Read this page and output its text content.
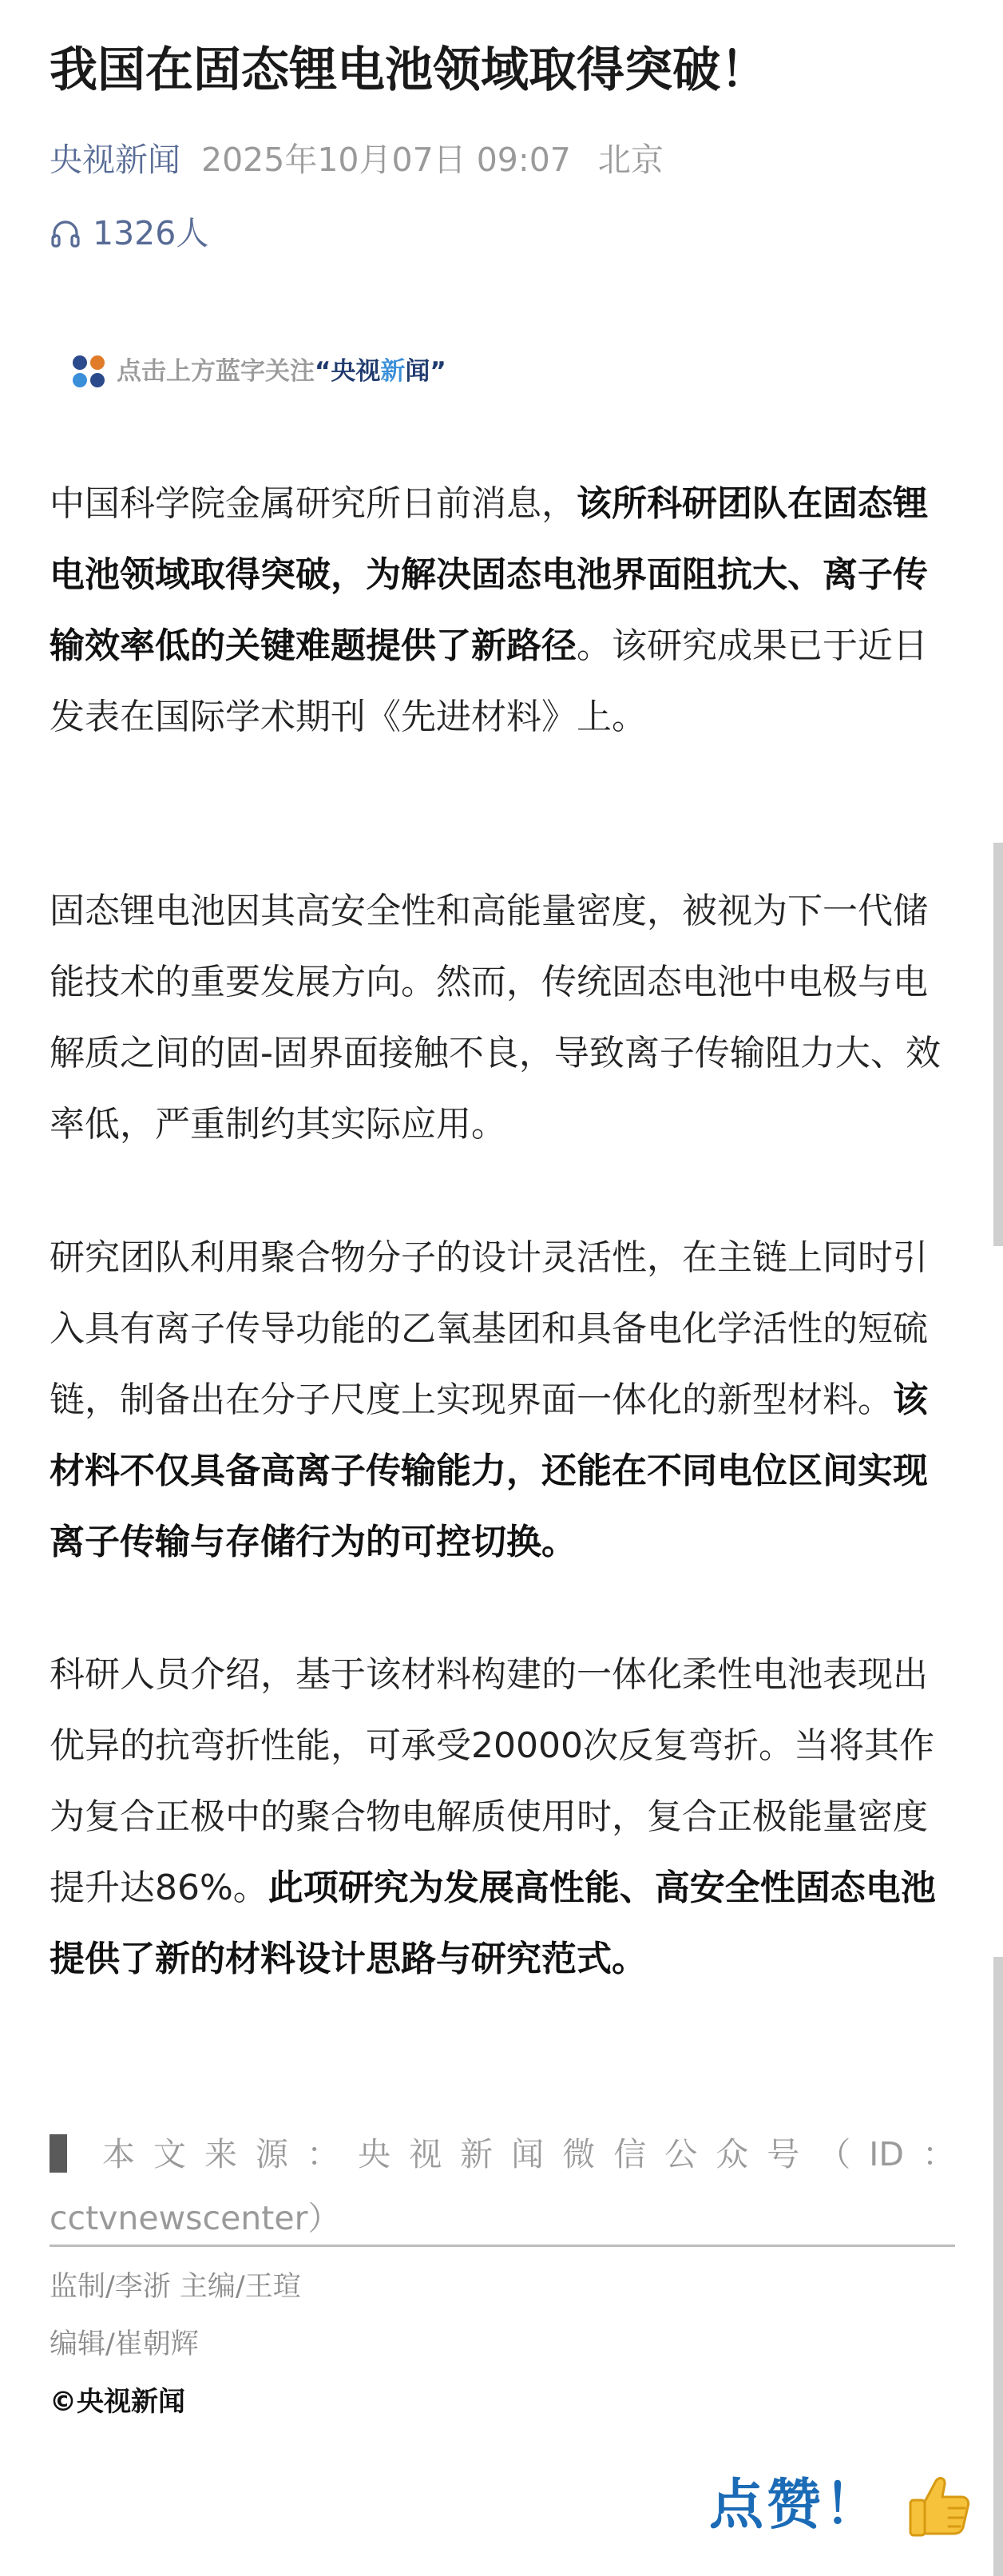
我国在固态锂电池领域取得突破！
央视新闻 2025年10月07日 09:07 北京
1326人
点击上方蓝字关注 “ 央视 新 闻 ”

中国科学院金属研究所日前消息，该所科研团队在固态锂电池领域取得突破，为解决固态电池界面阻抗大、离子传输效率低的关键难题提供了新路径。该研究成果已于近日发表在国际学术期刊《先进材料》上。

固态锂电池因其高安全性和高能量密度，被视为下一代储能技术的重要发展方向。然而，传统固态电池中电极与电解质之间的固-固界面接触不良，导致离子传输阻力大、效率低，严重制约其实际应用。

研究团队利用聚合物分子的设计灵活性，在主链上同时引入具有离子传导功能的乙氧基团和具备电化学活性的短硫链，制备出在分子尺度上实现界面一体化的新型材料。该材料不仅具备高离子传输能力，还能在不同电位区间实现离子传输与存储行为的可控切换。

科研人员介绍，基于该材料构建的一体化柔性电池表现出优异的抗弯折性能，可承受20000次反复弯折。当将其作为复合正极中的聚合物电解质使用时，复合正极能量密度提升达86%。此项研究为发展高性能、高安全性固态电池提供了新的材料设计思路与研究范式。

本文来源：央视新闻微信公众号（ID：
cctvnewscenter）
监制/李浙 主编/王瑄
编辑/崔朝辉
©央视新闻
点赞！
